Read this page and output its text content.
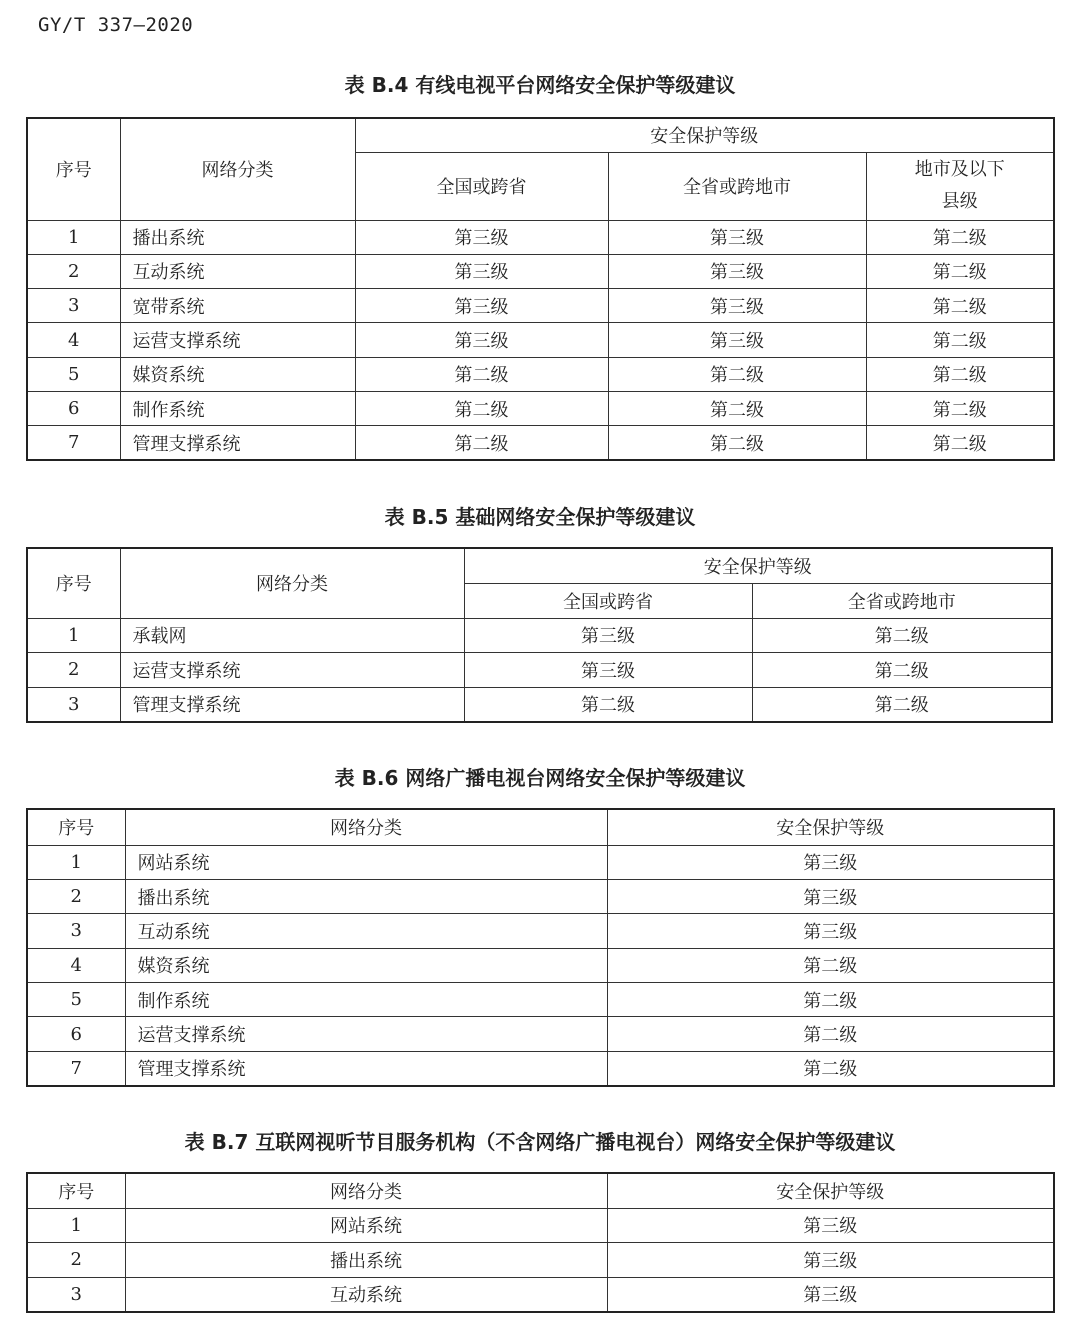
GY/T 337—2020
表 B.4 有线电视平台网络安全保护等级建议
序号	网络分类	安全保护等级		
		全国或跨省	全省或跨地市	地市及以下
县级
1	播出系统	第三级	第三级	第二级
2	互动系统	第三级	第三级	第二级
3	宽带系统	第三级	第三级	第二级
4	运营支撑系统	第三级	第三级	第二级
5	媒资系统	第二级	第二级	第二级
6	制作系统	第二级	第二级	第二级
7	管理支撑系统	第二级	第二级	第二级
表 B.5 基础网络安全保护等级建议
序号	网络分类	安全保护等级	
		全国或跨省	全省或跨地市
1	承载网	第三级	第二级
2	运营支撑系统	第三级	第二级
3	管理支撑系统	第二级	第二级
表 B.6 网络广播电视台网络安全保护等级建议
序号	网络分类	安全保护等级
1	网站系统	第三级
2	播出系统	第三级
3	互动系统	第三级
4	媒资系统	第二级
5	制作系统	第二级
6	运营支撑系统	第二级
7	管理支撑系统	第二级
表 B.7 互联网视听节目服务机构（不含网络广播电视台）网络安全保护等级建议
序号	网络分类	安全保护等级
1	网站系统	第三级
2	播出系统	第三级
3	互动系统	第三级
